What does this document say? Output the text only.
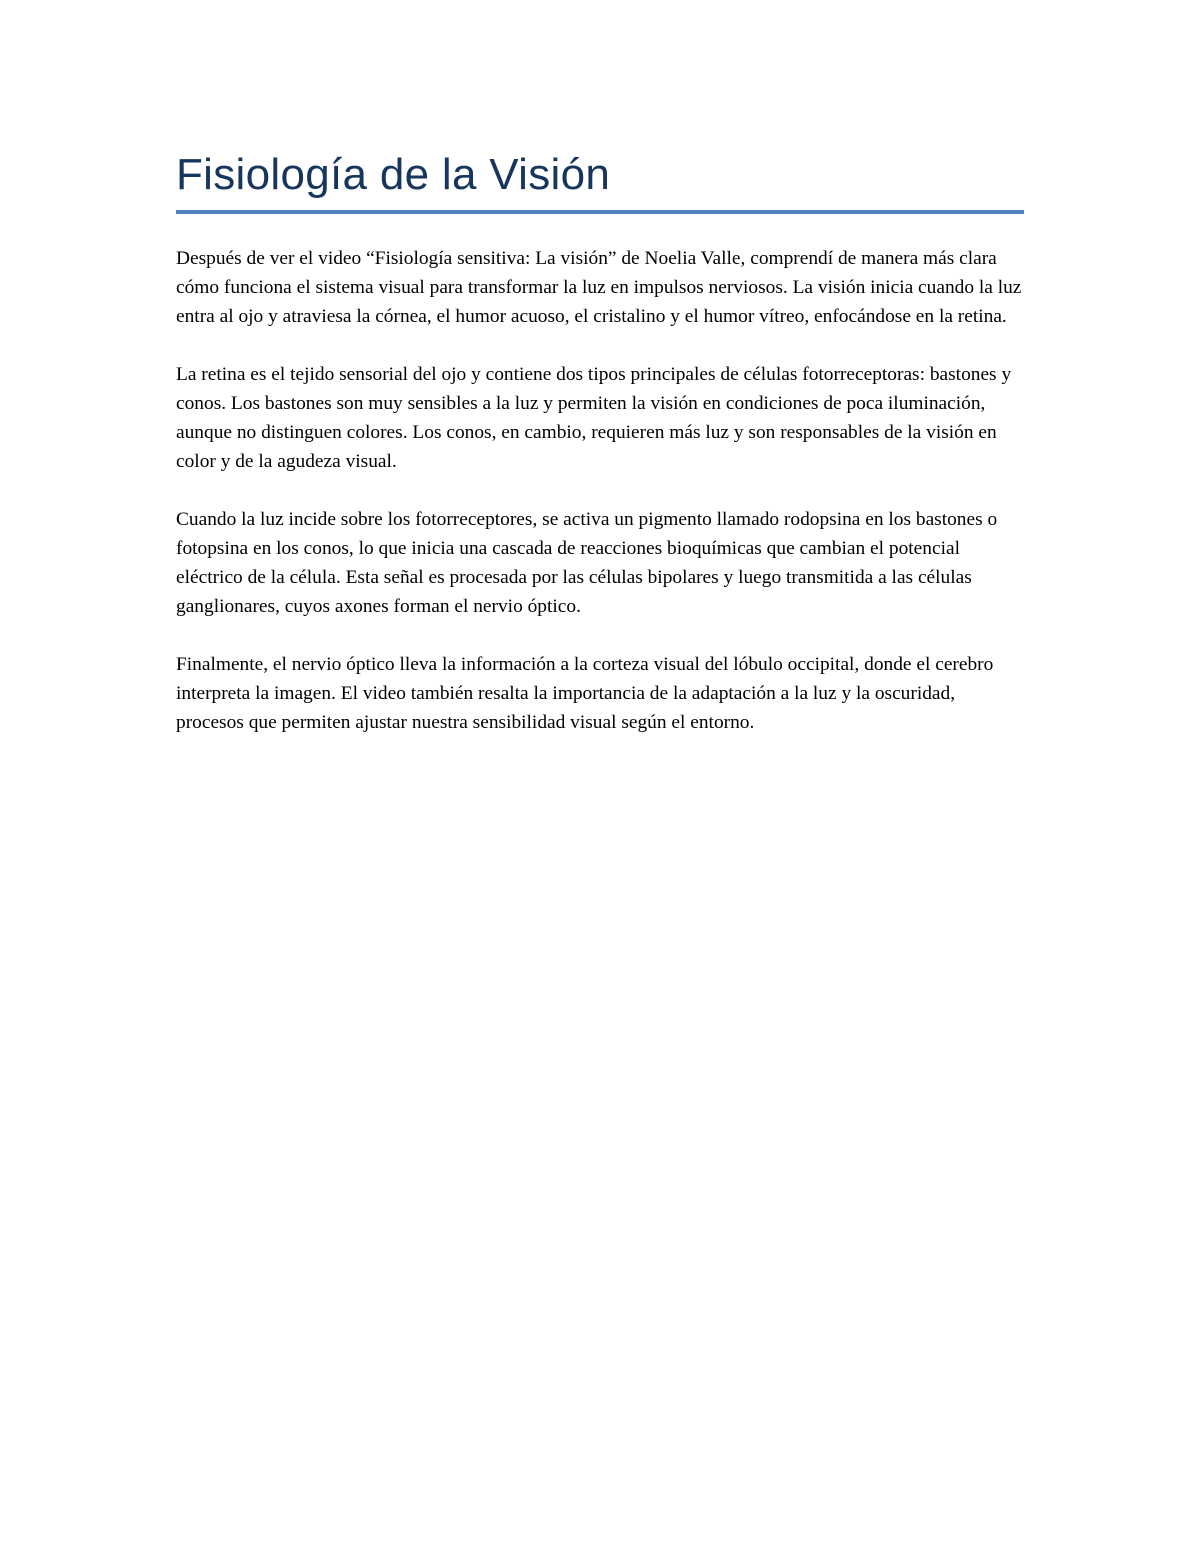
Fisiología de la Visión

Después de ver el video “Fisiología sensitiva: La visión” de Noelia Valle, comprendí de manera más clara cómo funciona el sistema visual para transformar la luz en impulsos nerviosos. La visión inicia cuando la luz entra al ojo y atraviesa la córnea, el humor acuoso, el cristalino y el humor vítreo, enfocándose en la retina.

La retina es el tejido sensorial del ojo y contiene dos tipos principales de células fotorreceptoras: bastones y conos. Los bastones son muy sensibles a la luz y permiten la visión en condiciones de poca iluminación, aunque no distinguen colores. Los conos, en cambio, requieren más luz y son responsables de la visión en color y de la agudeza visual.

Cuando la luz incide sobre los fotorreceptores, se activa un pigmento llamado rodopsina en los bastones o fotopsina en los conos, lo que inicia una cascada de reacciones bioquímicas que cambian el potencial eléctrico de la célula. Esta señal es procesada por las células bipolares y luego transmitida a las células ganglionares, cuyos axones forman el nervio óptico.

Finalmente, el nervio óptico lleva la información a la corteza visual del lóbulo occipital, donde el cerebro interpreta la imagen. El video también resalta la importancia de la adaptación a la luz y la oscuridad, procesos que permiten ajustar nuestra sensibilidad visual según el entorno.
